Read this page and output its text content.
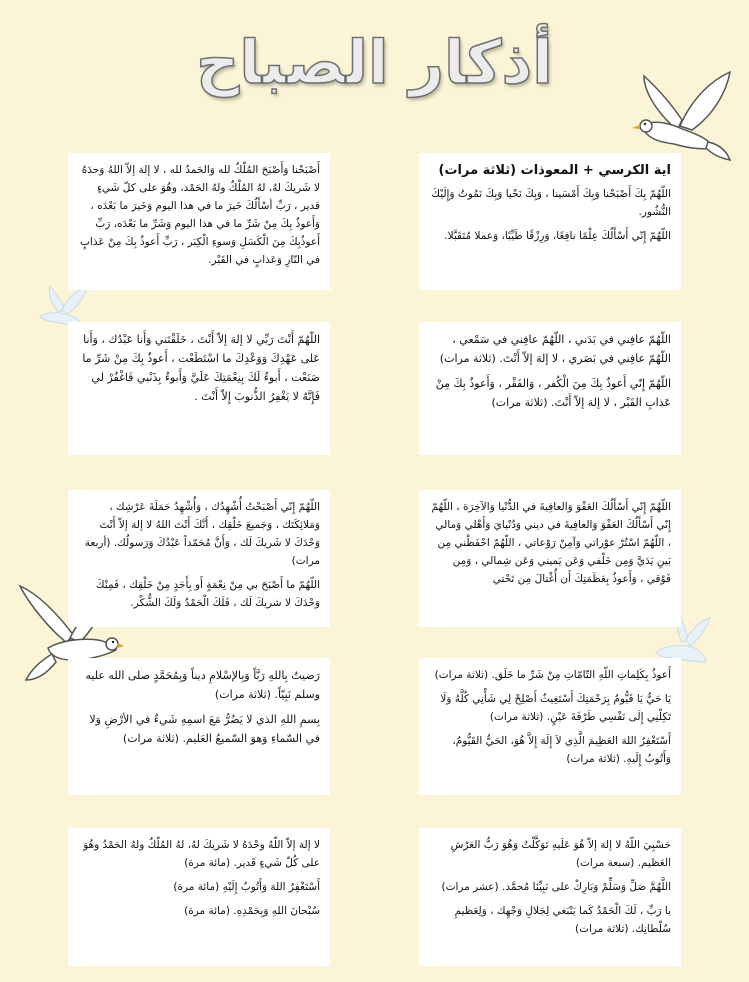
أذكار الصباح

اية الكرسي + المعوذات (ثلاثة مرات)

اللّهُمّ بِكَ أَصْبَحْنا وَبِكَ أَمْسَينا ، وَبِكَ نَحْيا وَبِكَ نَمُوتُ وَإِلَيْكَ النُّشُور.

اللّهُمّ إِنّي أَسْأَلُكَ عِلْمًا نافِعًا، وَرِزْقًا طَيِّبًا، وَعملا مُتَقَبَّلا.

أَصْبَحْنا وَأَصْبَحَ المُلْكُ لله وَالحَمدُ لله ، لا إلهَ إلاّ اللهُ وَحدَهُ لا شَريكَ لهُ، لهُ المُلْكُ ولهُ الحَمْد، وهُوَ على كلّ شَيءٍ قدير ، رَبِّ أسْأَلُكَ خَيرَ ما في هذا اليوم وَخَيرَ ما بَعْدَه ، وَأَعوذُ بِكَ مِنْ شَرِّ ما في هذا اليوم وَشَرِّ ما بَعْدَه، رَبِّ أَعوذُبِكَ مِنَ الْكَسَلِ وَسوءِ الْكِبَر ، رَبِّ أَعوذُ بِكَ مِنْ عَذابٍ في النّارِ وَعَذابٍ في القَبْر.

اللّهُمّ عافِني في بَدَني ، اللّهُمّ عافِني في سَمْعي ، اللّهُمّ عافِني في بَصَري ، لا إلهَ إلاّ أَنْتَ. (ثلاثة مرات)

اللّهُمّ إِنّي أَعوذُ بِكَ مِنَ الْكُفر ، وَالفَقْر ، وَأَعوذُ بِكَ مِنْ عَذابِ القَبْر ، لا إلهَ إلاّ أَنْتَ. (ثلاثة مرات)

اللّهُمّ أَنْتَ رَبِّي لا إلهَ إلاّ أَنْتَ ، خَلَقْتَني وَأَنا عَبْدُك ، وَأَنا عَلى عَهْدِكَ وَوَعْدِكَ ما اسْتَطَعْت ، أَعوذُ بِكَ مِنْ شَرِّ ما صَنَعْت ، أَبوءُ لَكَ بِنِعْمَتِكَ عَلَيَّ وَأَبوءُ بِذَنْبي فَاغْفُرْ لي فَإِنَّهُ لا يَغْفِرُ الذُّنوبَ إِلاّ أَنْتَ .

اللّهُمّ إِنّي أَسْأَلُكَ العَفْوَ وَالعافِيةَ في الدُّنْيا وَالآخِرَة ، اللّهُمّ إِنّي أَسْأَلُكَ العَفْوَ وَالعافِيةَ في ديني وَدُنْيايَ وَأَهْلي وَمالي ، اللّهُمّ اسْتُرْ عوْراتي وَآمِنْ رَوْعاتي ، اللّهُمّ احْفَظْني مِن بَينِ يَدَيَّ وَمِن خَلْفي وَعَن يَميني وَعَن شِمالي ، وَمِن فَوْقي ، وَأَعوذُ بِعَظَمَتِكَ أَن أُغْتالَ مِن تَحْتي

اللّهُمّ إِنّي أَصْبَحْتُ أُشْهِدُك ، وَأُشْهِدُ حَمَلَةَ عَرْشِك ، وَمَلائِكَتَك ، وَجَميعَ خَلْقِك ، أَنَّكَ أَنْتَ اللهُ لا إلهَ إلاّ أَنْتَ وَحْدَكَ لا شَريكَ لَك ، وَأَنَّ مُحَمّداً عَبْدُكَ وَرَسولُك. (أربعة مرات)

اللّهُمّ ما أَصْبَحَ بي مِنْ نِعْمَةٍ أَو بِأَحَدٍ مِنْ خَلْقِك ، فَمِنْكَ وَحْدَكَ لا شريكَ لَك ، فَلَكَ الْحَمْدُ وَلَكَ الشُّكْر.

أَعوذُ بِكَلِماتِ اللّهِ التّامّاتِ مِنْ شَرِّ ما خَلَق. (ثلاثة مرات)

يَا حَيُّ يَا قَيُّومُ بِرَحْمَتِكَ أَسْتَغِيثُ أَصْلِحْ لِي شَأْنِي كُلَّهُ وَلَا تَكِلْنِي إِلَى نَفْسِي طَرْفَةَ عَيْنٍ. (ثلاثة مرات)

أَسْتَغْفِرُ اللهَ العَظِيمَ الَّذِي لاَ إِلَهَ إِلاَّ هُوَ، الحَيُّ القَيُّومُ، وَأَتُوبُ إِلَيهِ. (ثلاثة مرات)

رَضيتُ بِاللهِ رَبَّاً وَبِالإسْلامِ ديناً وَبِمُحَمَّدٍ صلى الله عليه وسلم نَبِيّاً. (ثلاثة مرات)

بِسمِ اللهِ الذي لا يَضُرُّ مَعَ اسمِهِ شَيءٌ في الأرْضِ وَلا في السّماءِ وَهوَ السّميعُ العَليم. (ثلاثة مرات)

حَسْبِيَ اللّهُ لا إلهَ إلاّ هُوَ عَلَيهِ تَوَكَّلْتُ وَهُوَ رَبُّ العَرْشِ العَظيم. (سبعة مرات)

اللَّهُمَّ صَلِّ وَسَلِّمْ وَبَارِكْ على نَبِيِّنَا مُحمَّد. (عشر مرات)

يا رَبِّ ، لَكَ الْحَمْدُ كَما يَنْبَغي لِجَلالِ وَجْهِك ، وَلِعَظيمِ سُلْطانِك. (ثلاثة مرات)

لا إلهَ إلاّ اللّهُ وحْدَهُ لا شَريكَ لهُ، لهُ المُلْكُ ولهُ الحَمْدُ وهُوَ على كُلّ شَيءٍ قَدير. (مائة مرة)

أَسْتَغْفِرُ اللهَ وَأَتُوبُ إِلَيْهِ (مائة مرة)

سُبْحانَ اللهِ وَبِحَمْدِهِ. (مائة مرة)
